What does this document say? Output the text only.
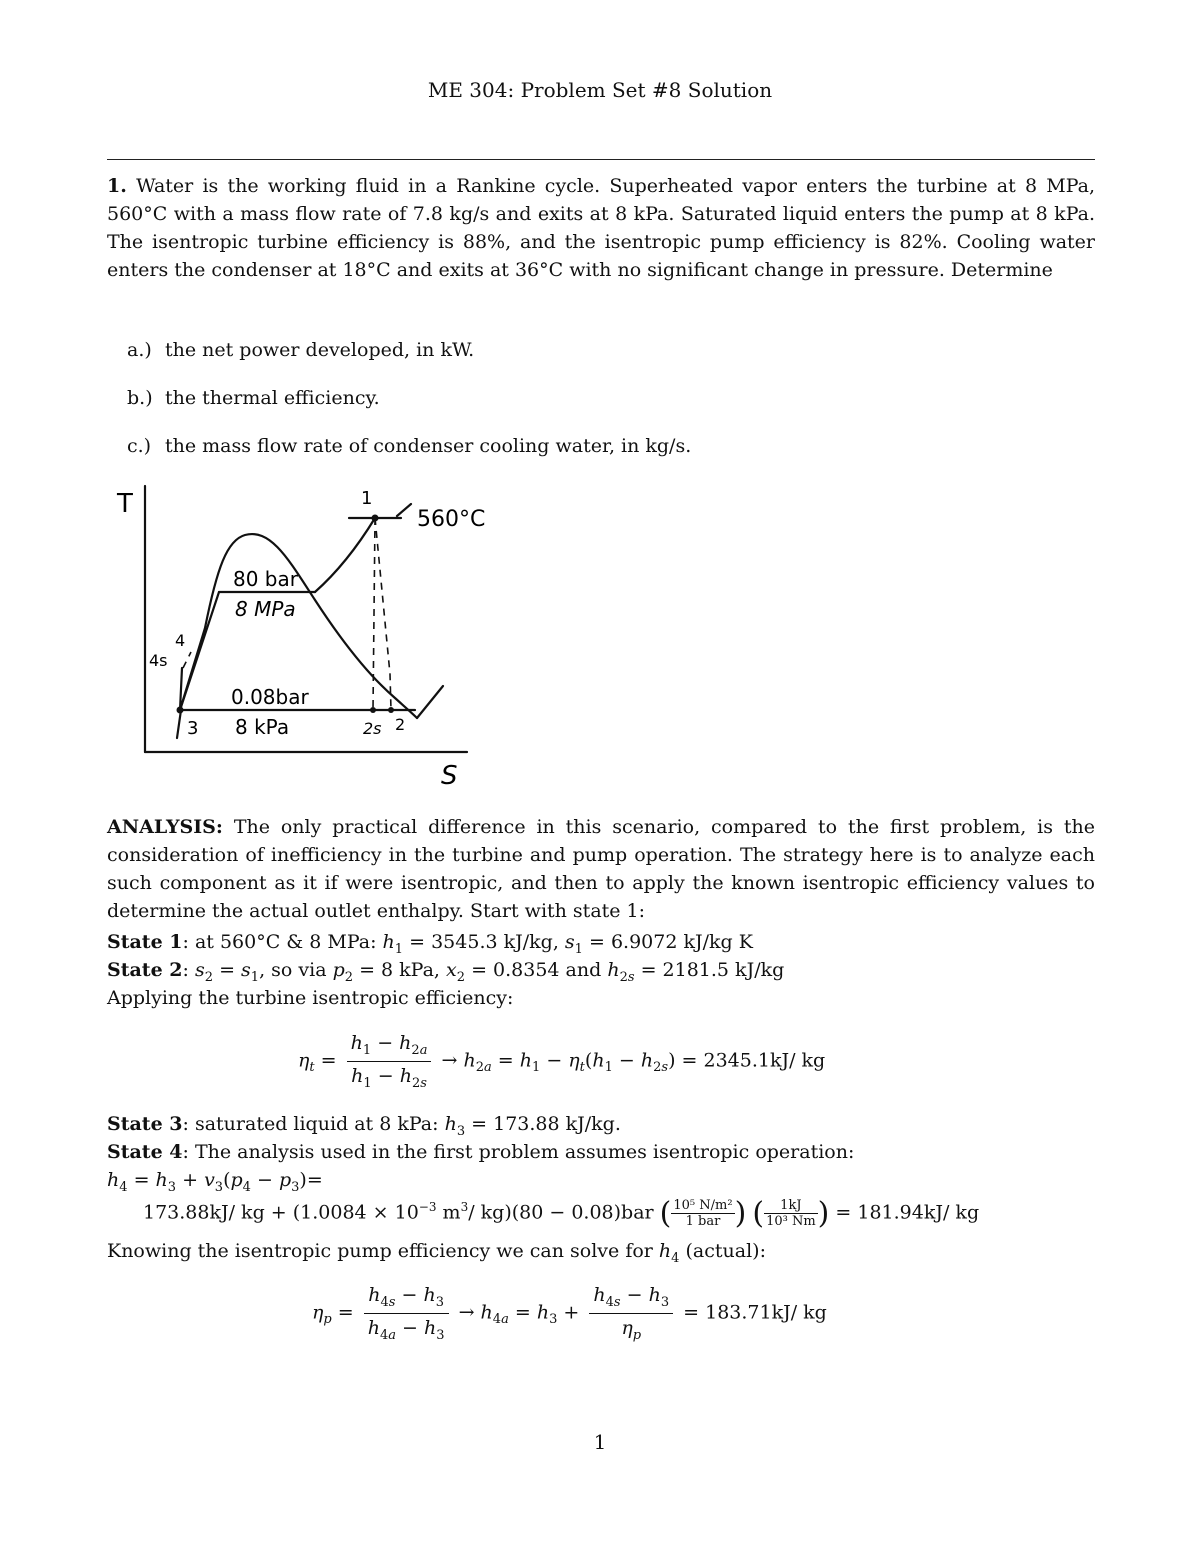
ME 304: Problem Set #8 Solution
1. Water is the working fluid in a Rankine cycle. Superheated vapor enters the turbine at 8 MPa, 560°C with a mass flow rate of 7.8 kg/s and exits at 8 kPa. Saturated liquid enters the pump at 8 kPa. The isentropic turbine efficiency is 88%, and the isentropic pump efficiency is 82%. Cooling water enters the condenser at 18°C and exits at 36°C with no significant change in pressure. Determine
a.) the net power developed, in kW.
b.) the thermal efficiency.
c.) the mass flow rate of condenser cooling water, in kg/s.
T
S
560°C
80 bar
8 MPa
0.08bar
8 kPa
1
2
2s
3
4
4s
ANALYSIS: The only practical difference in this scenario, compared to the first problem, is the consideration of inefficiency in the turbine and pump operation. The strategy here is to analyze each such component as it if were isentropic, and then to apply the known isentropic efficiency values to determine the actual outlet enthalpy. Start with state 1:
State 1: at 560°C & 8 MPa: $h_1 = 3545.3$ kJ/kg, $s_1 = 6.9072$ kJ/kg K
State 2: $s_2 = s_1$, so via $p_2 = 8$ kPa, $x_2 = 0.8354$ and $h_{2s} = 2181.5$ kJ/kg
Applying the turbine isentropic efficiency:
$\eta_t = \frac{h_1 - h_{2a}}{h_1 - h_{2s}} \to h_{2a} = h_1 - \eta_t(h_1 - h_{2s}) = 2345.1kJ/$ kg
State 3: saturated liquid at 8 kPa: $h_3 = 173.88$ kJ/kg.
State 4: The analysis used in the first problem assumes isentropic operation:
$h_4 = h_3 + v_3(p_4 - p_3)=$
173.88kJ/ kg + ($1.0084 \times 10^{-3}$ $m^3/$ kg)(80 − 0.08)bar ( $\frac{\text{10⁵ N/m²}}{\text{1 bar}}$ ) ( $\frac{1kJ}{\text{10³ Nm}}$ ) = 181.94kJ/ kg
Knowing the isentropic pump efficiency we can solve for $h_4$ (actual):
$\eta_p = \frac{h_{4s} - h_3}{h_{4a} - h_3} \to h_{4a} = h_3 + \frac{h_{4s} - h_3}{\eta_p} = 183.71kJ/$ kg
1
